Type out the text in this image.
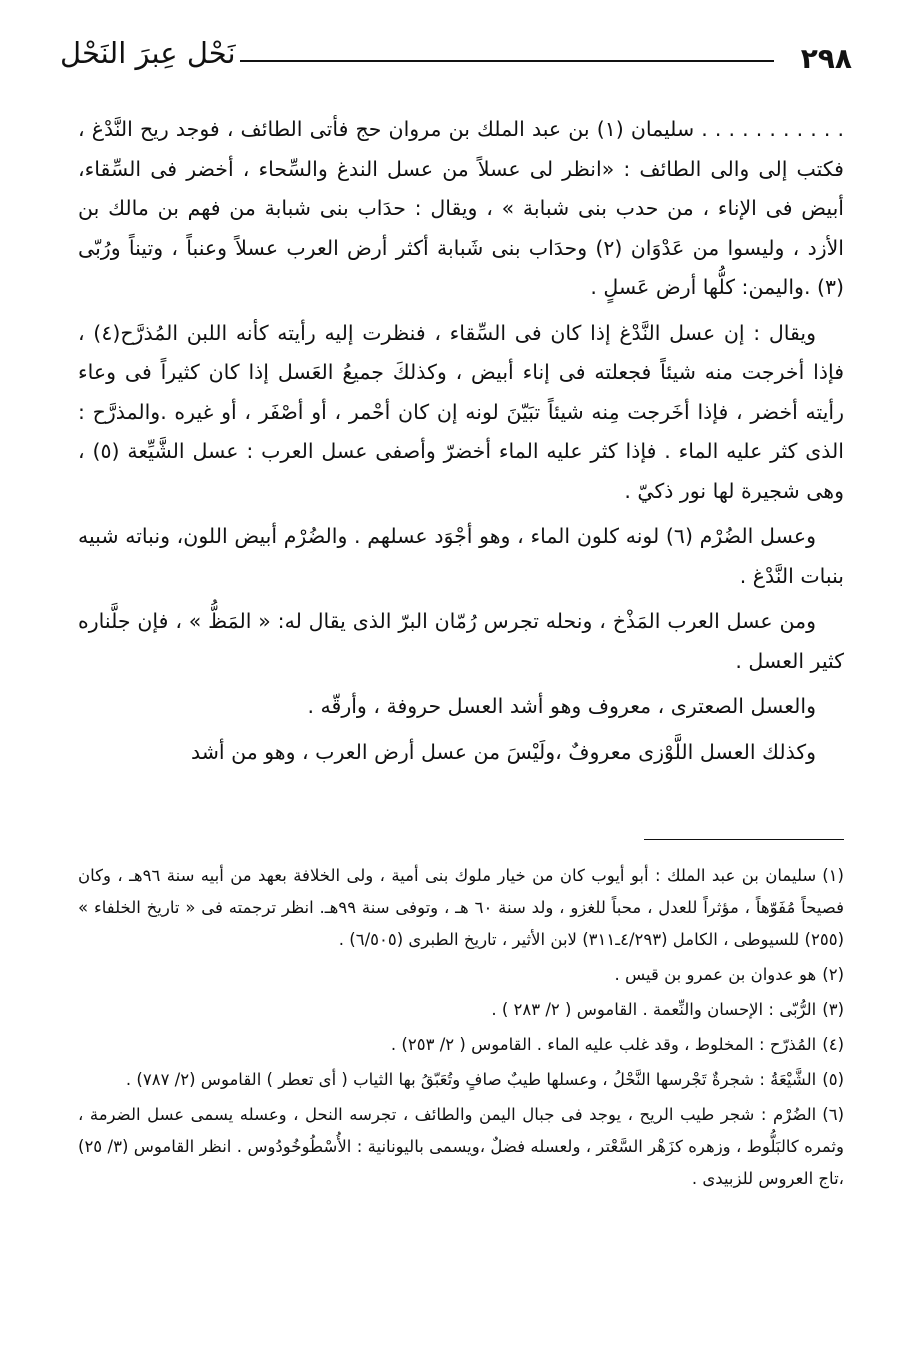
٢٩٨
نَحْل عِبرَ النَحْل

. . . . . . . . . . . سليمان (١) بن عبد الملك بن مروان حج فأتى الطائف ، فوجد ريح النَّدْغ ، فكتب إلى والى الطائف : «انظر لى عسلاً من عسل الندغ والسِّحاء ، أخضر فى السِّقاء، أبيض فى الإناء ، من حدب بنى شبابة » ، ويقال : حدَاب بنى شبابة من فهم بن مالك بن الأزد ، وليسوا من عَدْوَان (٢) وحدَاب بنى شَبابة أكثر أرض العرب عسلاً وعنباً ، وتيناً ورُبّى (٣) .واليمن: كلُّها أرض عَسلٍ .

ويقال : إن عسل النَّدْغ إذا كان فى السِّقاء ، فنظرت إليه رأيته كأنه اللبن المُذرَّح(٤) ، فإذا أخرجت منه شيئاً فجعلته فى إناء أبيض ، وكذلكَ جميعُ العَسل إذا كان كثيراً فى وعاء رأيته أخضر ، فإذا أخَرجت مِنه شيئاً تبَيّنَ لونه إن كان أحْمر ، أو أصْفَر ، أو غيره .والمذرَّح : الذى كثر عليه الماء . فإذا كثر عليه الماء أخضرّ وأصفى عسل العرب : عسل الشَّيِّعة (٥) ، وهى شجيرة لها نور ذكيّ .

وعسل الضُرْم (٦) لونه كلون الماء ، وهو أجْوَد عسلهم . والضُرْم أبيض اللون، ونباته شبيه بنبات النَّدْغ .

ومن عسل العرب المَذْخ ، ونحله تجرس رُمّان البرّ الذى يقال له: « المَظُّ » ، فإن جلَّناره كثير العسل .

والعسل الصعترى ، معروف وهو أشد العسل حروفة ، وأرقّه .

وكذلك العسل اللَّوْزى معروفٌ ،ولَيْسَ من عسل أرض العرب ، وهو من أشد

(١)سليمان بن عبد الملك : أبو أيوب كان من خيار ملوك بنى أمية ، ولى الخلافة بعهد من أبيه سنة ٩٦هـ ، وكان فصيحاً مُفَوّهاً ، مؤثراً للعدل ، محباً للغزو ، ولد سنة ٦٠ هـ ، وتوفى سنة ٩٩هـ. انظر ترجمته فى « تاريخ الخلفاء » (٢٥٥) للسيوطى ، الكامل (٤/٢٩٣ـ٣١١) لابن الأثير ، تاريخ الطبرى (٦/٥٠٥) .
(٢)هو عدوان بن عمرو بن قيس .
(٣)الرُّبّى : الإحسان والنِّعمة . القاموس ( ٢/ ٢٨٣ ) .
(٤)المُذرّح : المخلوط ، وقد غلب عليه الماء . القاموس ( ٢/ ٢٥٣) .
(٥)الشَّيْعَةُ : شجرةٌ تَجْرسها النَّحْلُ ، وعسلها طيبٌ صافٍ وتُعَبّقُ بها الثياب ( أى تعطر ) القاموس (٢/ ٧٨٧) .
(٦)الضُرْم : شجر طيب الريح ، يوجد فى جبال اليمن والطائف ، تجرسه النحل ، وعسله يسمى عسل الضرمة ، وثمره كالبَلُّوط ، وزهره كزَهْر السَّعْتر ، ولعسله فضلٌ ،ويسمى باليونانية : الأُسْطُوخُودُوس . انظر القاموس (٣/ ٢٥) ،تاج العروس للزبيدى .
